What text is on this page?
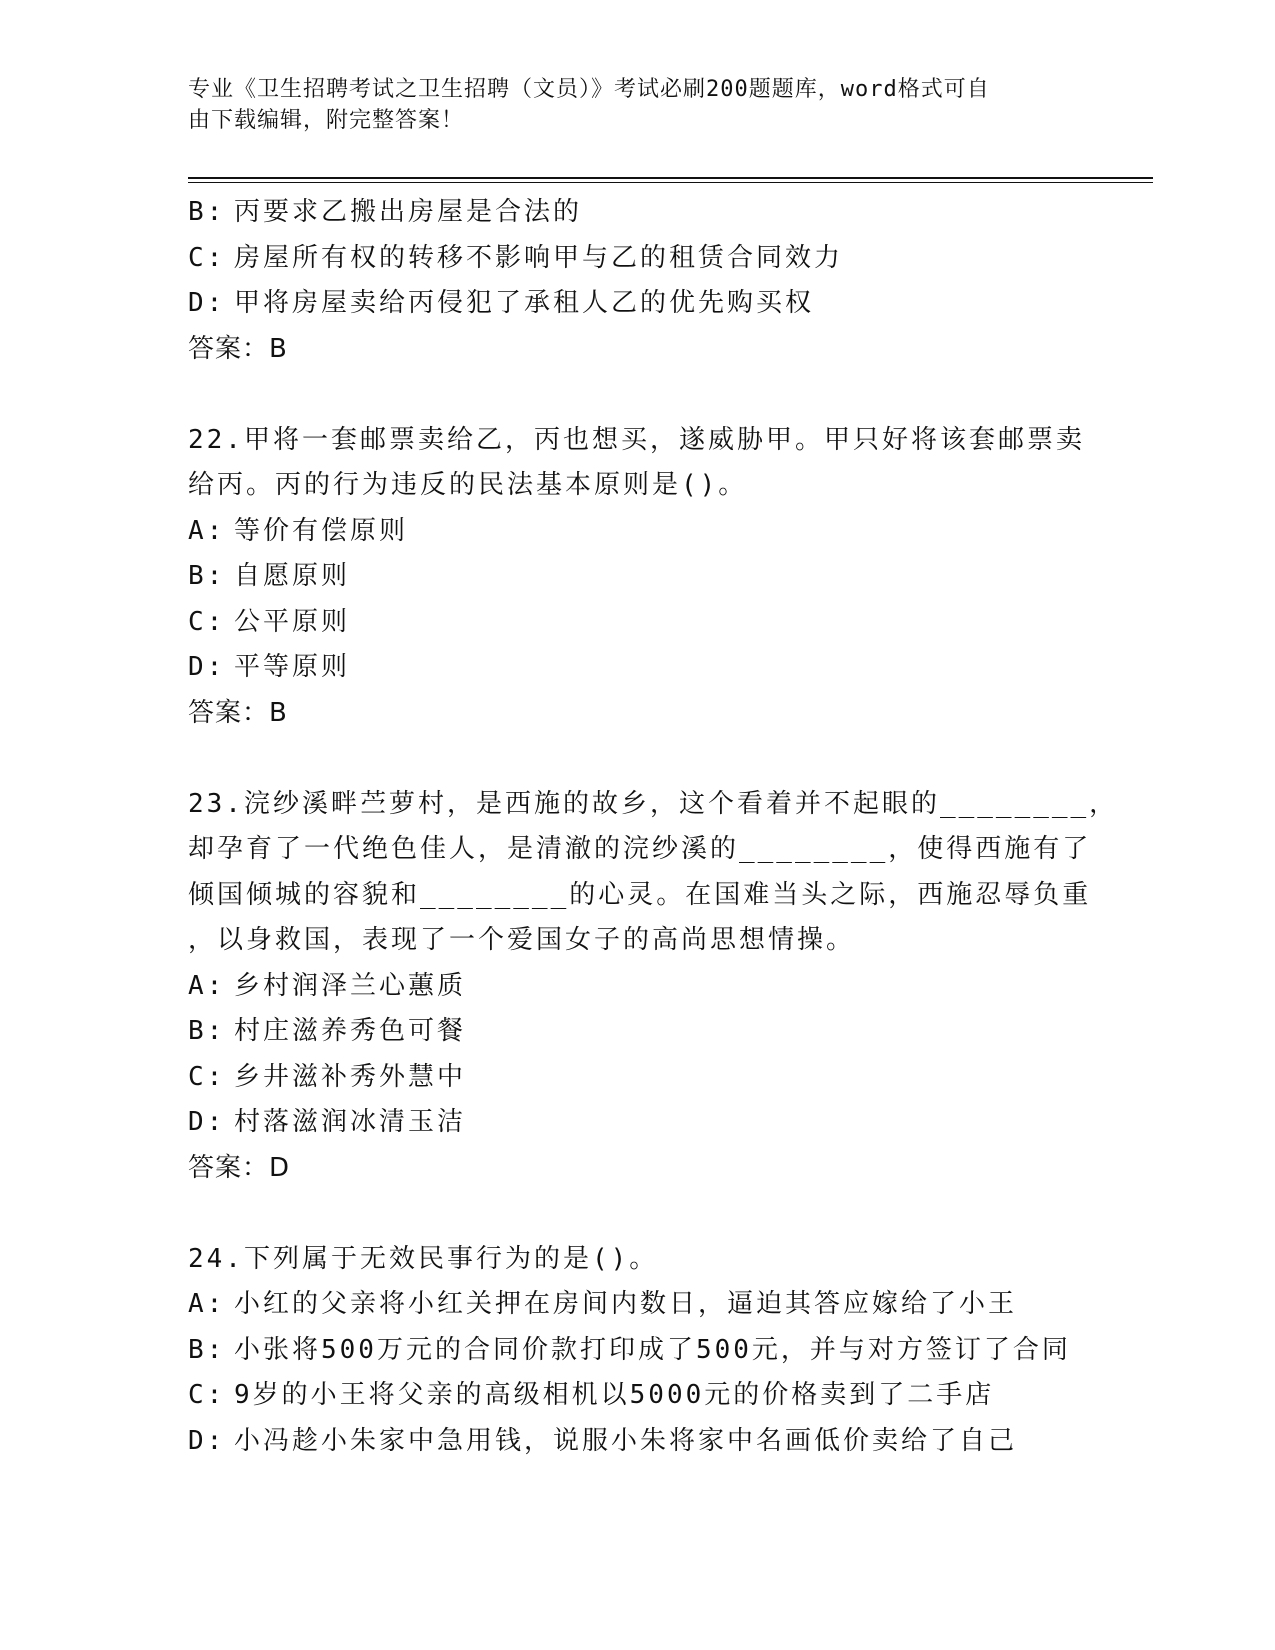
专业《卫生招聘考试之卫生招聘（文员）》考试必刷200题题库，word格式可自
由下载编辑，附完整答案！
B: 丙要求乙搬出房屋是合法的
C: 房屋所有权的转移不影响甲与乙的租赁合同效力
D: 甲将房屋卖给丙侵犯了承租人乙的优先购买权
答案：B
22.甲将一套邮票卖给乙，丙也想买，遂威胁甲。甲只好将该套邮票卖
给丙。丙的行为违反的民法基本原则是()。
A: 等价有偿原则
B: 自愿原则
C: 公平原则
D: 平等原则
答案：B
23.浣纱溪畔苎萝村，是西施的故乡，这个看着并不起眼的________，
却孕育了一代绝色佳人，是清澈的浣纱溪的________，使得西施有了
倾国倾城的容貌和________的心灵。在国难当头之际，西施忍辱负重
，以身救国，表现了一个爱国女子的高尚思想情操。
A: 乡村润泽兰心蕙质
B: 村庄滋养秀色可餐
C: 乡井滋补秀外慧中
D: 村落滋润冰清玉洁
答案：D
24.下列属于无效民事行为的是()。
A: 小红的父亲将小红关押在房间内数日，逼迫其答应嫁给了小王
B: 小张将500万元的合同价款打印成了500元，并与对方签订了合同
C: 9岁的小王将父亲的高级相机以5000元的价格卖到了二手店
D: 小冯趁小朱家中急用钱，说服小朱将家中名画低价卖给了自己
